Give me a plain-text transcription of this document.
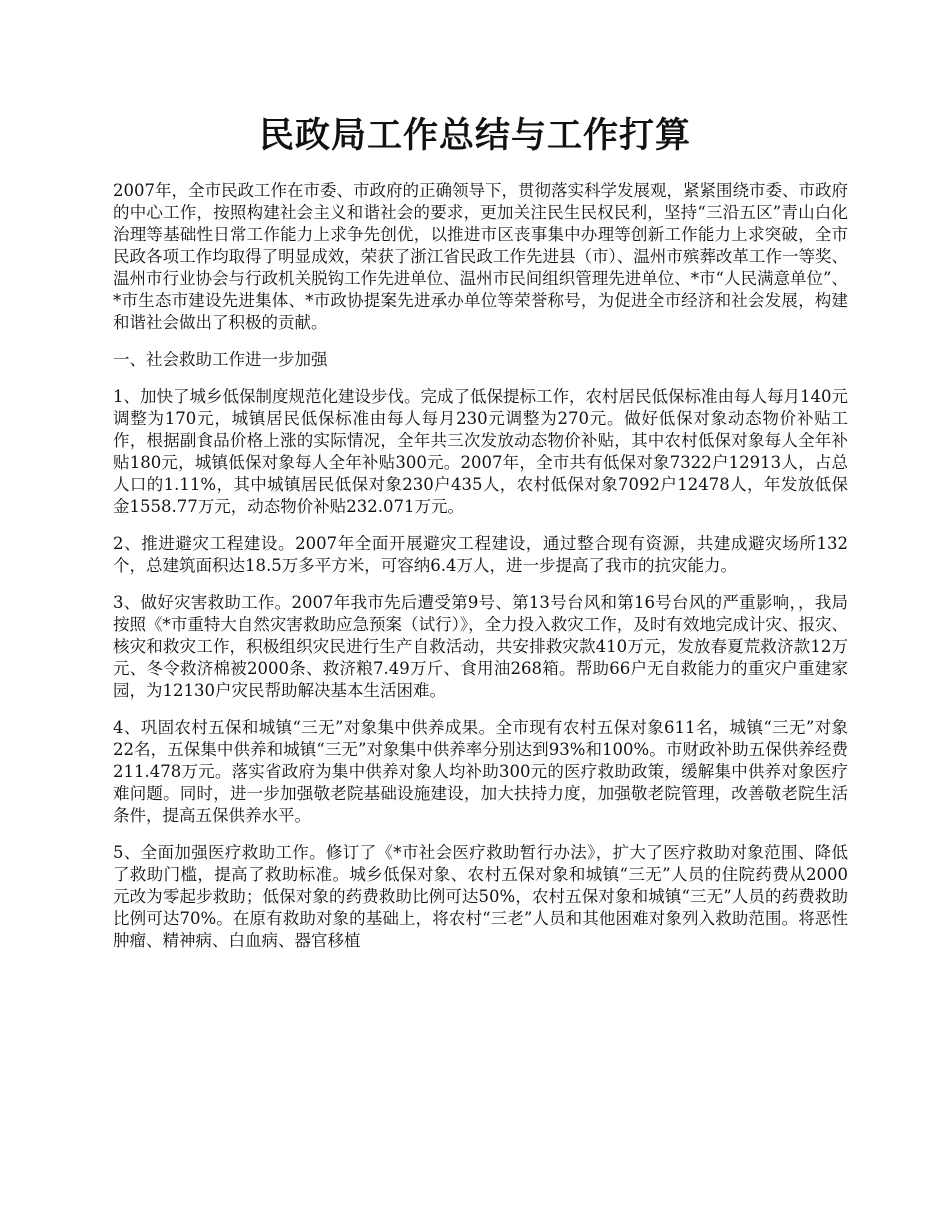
民政局工作总结与工作打算

2007年，全市民政工作在市委、市政府的正确领导下，贯彻落实科学发展观，紧紧围绕市委、市政府的中心工作，按照构建社会主义和谐社会的要求，更加关注民生民权民利，坚持“三沿五区”青山白化治理等基础性日常工作能力上求争先创优，以推进市区丧事集中办理等创新工作能力上求突破，全市民政各项工作均取得了明显成效，荣获了浙江省民政工作先进县（市）、温州市殡葬改革工作一等奖、温州市行业协会与行政机关脱钩工作先进单位、温州市民间组织管理先进单位、*市“人民满意单位”、*市生态市建设先进集体、*市政协提案先进承办单位等荣誉称号，为促进全市经济和社会发展，构建和谐社会做出了积极的贡献。

一、社会救助工作进一步加强

1、加快了城乡低保制度规范化建设步伐。完成了低保提标工作，农村居民低保标准由每人每月140元调整为170元，城镇居民低保标准由每人每月230元调整为270元。做好低保对象动态物价补贴工作，根据副食品价格上涨的实际情况，全年共三次发放动态物价补贴，其中农村低保对象每人全年补贴180元，城镇低保对象每人全年补贴300元。2007年，全市共有低保对象7322户12913人，占总人口的1.11%，其中城镇居民低保对象230户435人，农村低保对象7092户12478人，年发放低保金1558.77万元，动态物价补贴232.071万元。

2、推进避灾工程建设。2007年全面开展避灾工程建设，通过整合现有资源，共建成避灾场所132个，总建筑面积达18.5万多平方米，可容纳6.4万人，进一步提高了我市的抗灾能力。

3、做好灾害救助工作。2007年我市先后遭受第9号、第13号台风和第16号台风的严重影响，，我局按照《*市重特大自然灾害救助应急预案（试行）》，全力投入救灾工作，及时有效地完成计灾、报灾、核灾和救灾工作，积极组织灾民进行生产自救活动，共安排救灾款410万元，发放春夏荒救济款12万元、冬令救济棉被2000条、救济粮7.49万斤、食用油268箱。帮助66户无自救能力的重灾户重建家园，为12130户灾民帮助解决基本生活困难。

4、巩固农村五保和城镇“三无”对象集中供养成果。全市现有农村五保对象611名，城镇“三无”对象22名，五保集中供养和城镇“三无”对象集中供养率分别达到93%和100%。市财政补助五保供养经费211.478万元。落实省政府为集中供养对象人均补助300元的医疗救助政策，缓解集中供养对象医疗难问题。同时，进一步加强敬老院基础设施建设，加大扶持力度，加强敬老院管理，改善敬老院生活条件，提高五保供养水平。

5、全面加强医疗救助工作。修订了《*市社会医疗救助暂行办法》，扩大了医疗救助对象范围、降低了救助门槛，提高了救助标准。城乡低保对象、农村五保对象和城镇“三无”人员的住院药费从2000元改为零起步救助；低保对象的药费救助比例可达50%，农村五保对象和城镇“三无”人员的药费救助比例可达70%。在原有救助对象的基础上，将农村“三老”人员和其他困难对象列入救助范围。将恶性肿瘤、精神病、白血病、器官移植
